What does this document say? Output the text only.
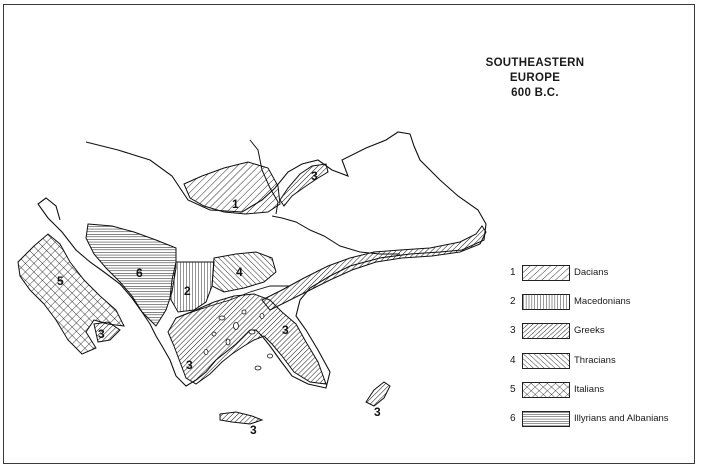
1
6
2
4
5
3
3	3
3
3
3
SOUTHEASTERN
EUROPE
600 B.C.
1	Dacians
2	Macedonians
3	Greeks
4	Thracians
5	Italians
6	Illyrians and Albanians
